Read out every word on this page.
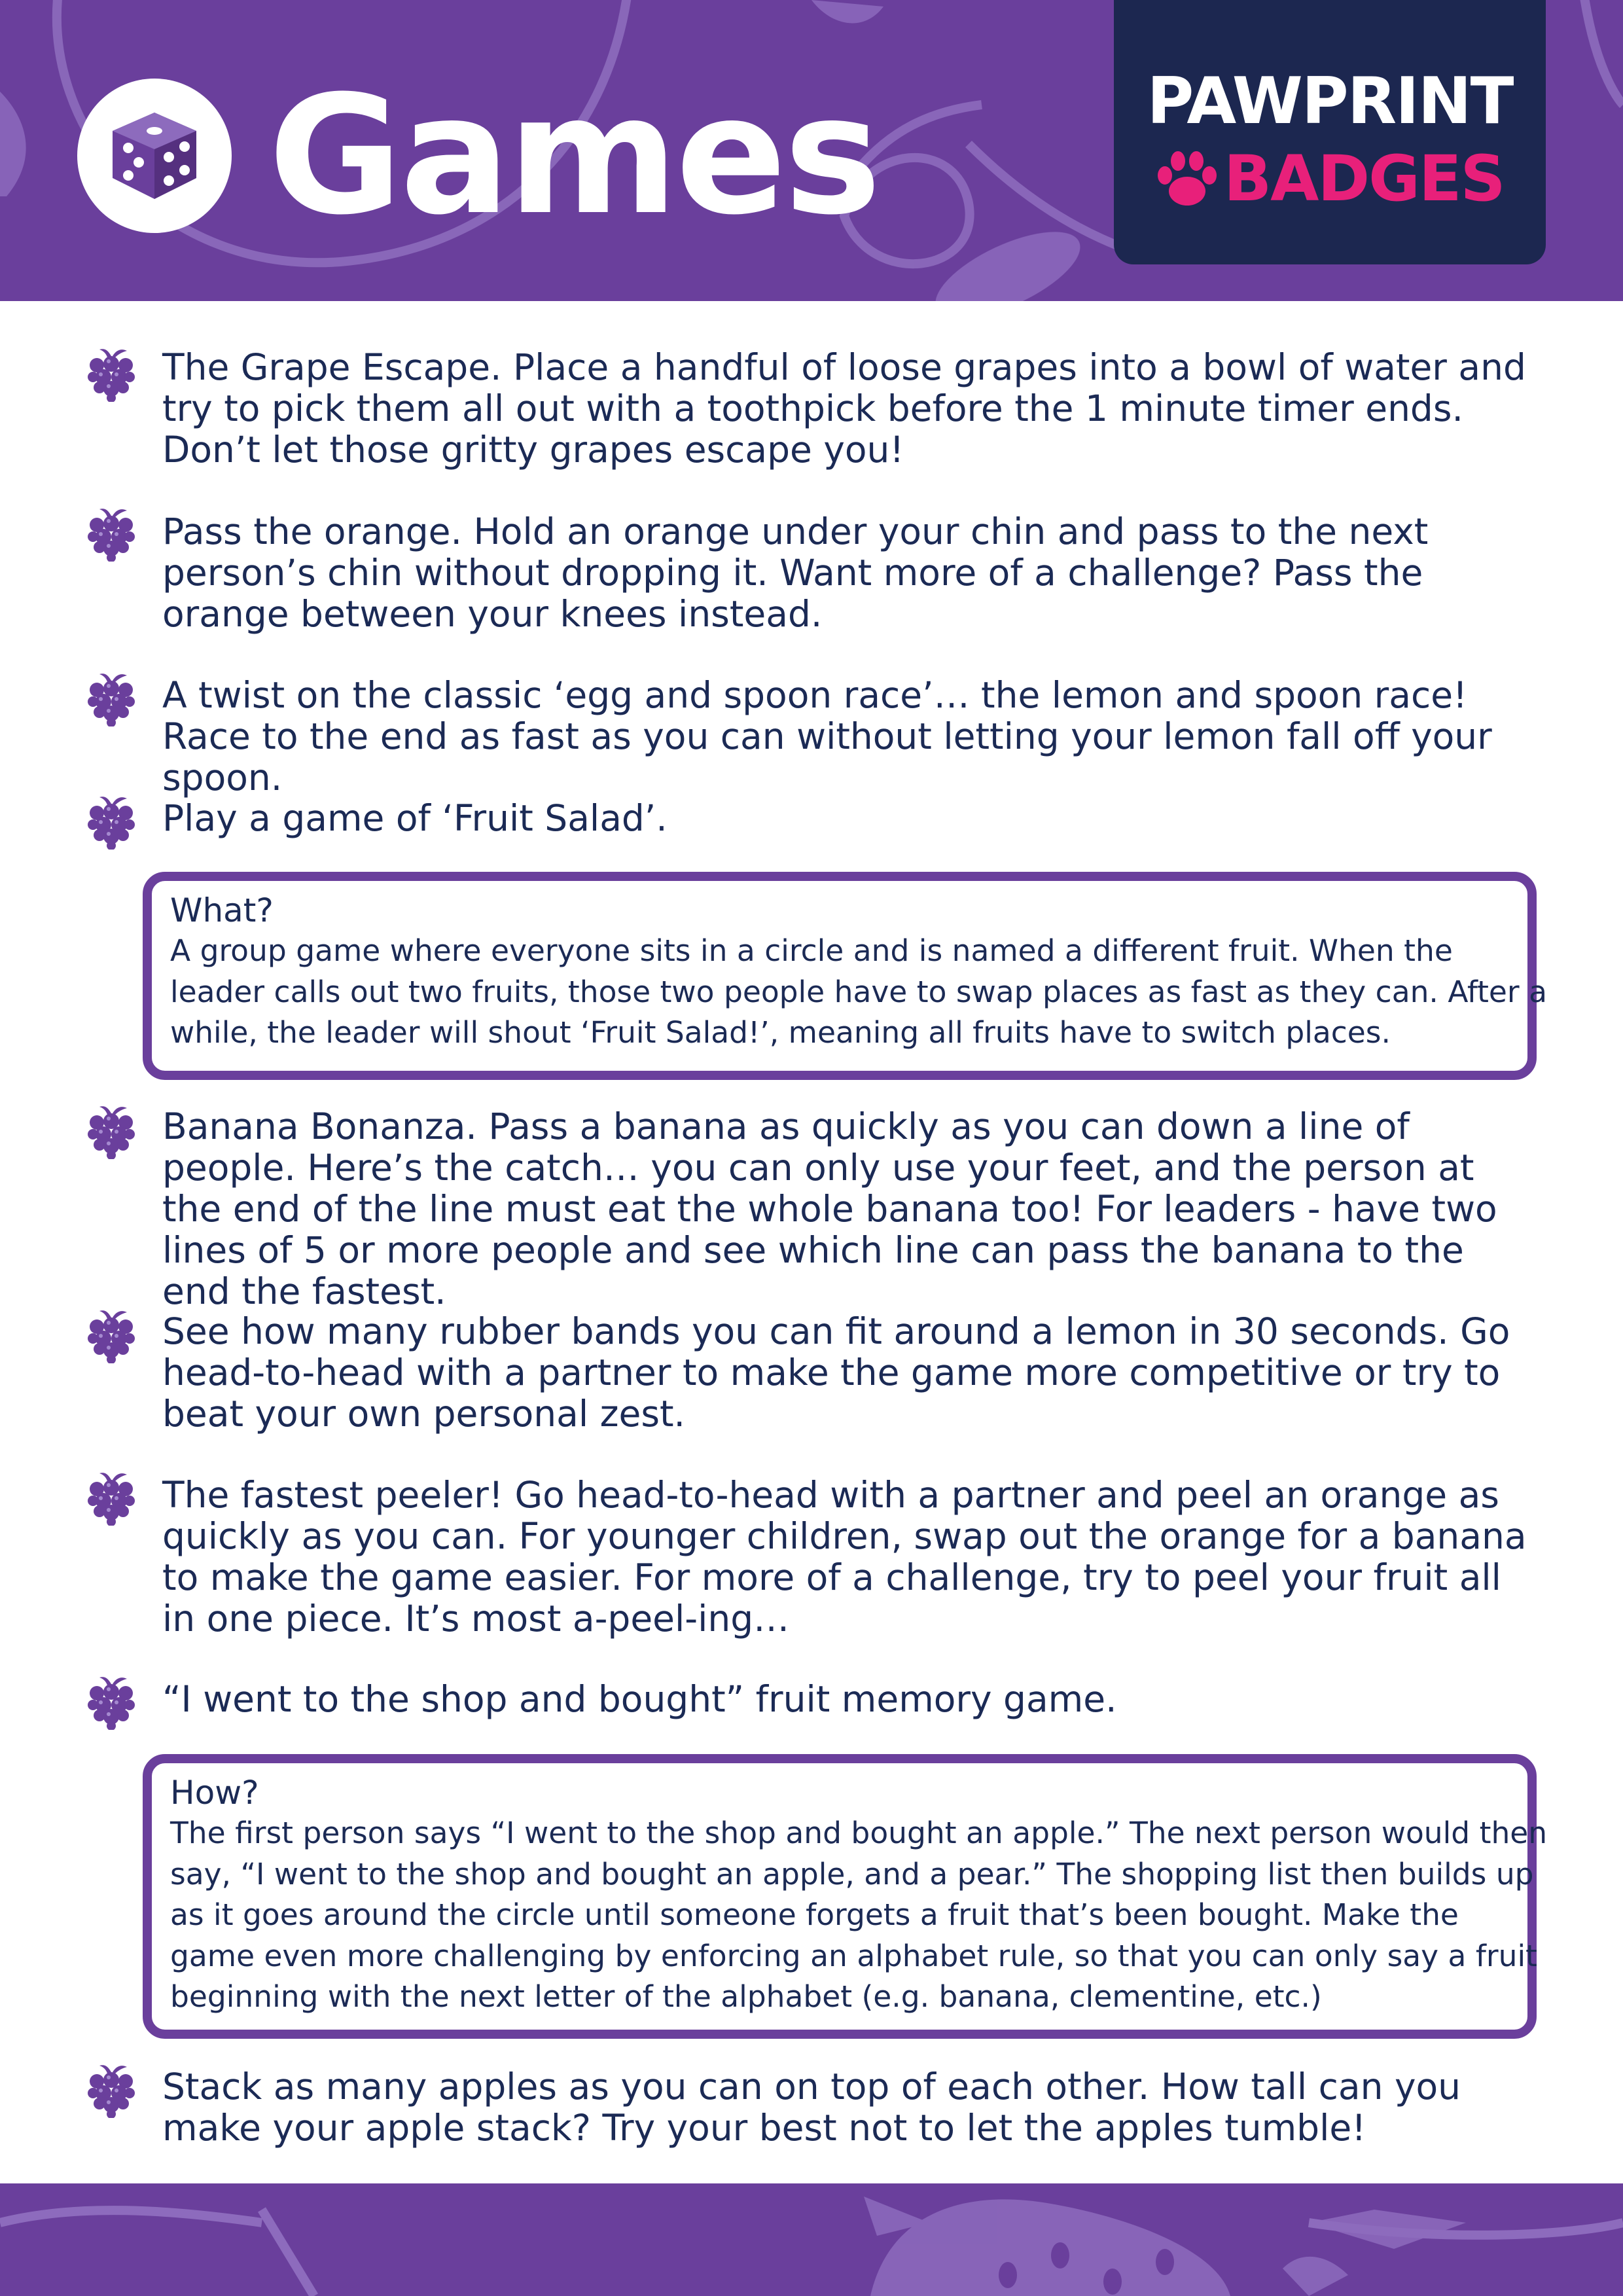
Games	PAWPRINT
BADGES
The Grape Escape. Place a handful of loose grapes into a bowl of water and try to pick them all out with a toothpick before the 1 minute timer ends. Don’t let those gritty grapes escape you!
Pass the orange. Hold an orange under your chin and pass to the next person’s chin without dropping it. Want more of a challenge? Pass the orange between your knees instead.
A twist on the classic ‘egg and spoon race’… the lemon and spoon race! Race to the end as fast as you can without letting your lemon fall off your spoon.
Play a game of ‘Fruit Salad’.
What?
A group game where everyone sits in a circle and is named a different fruit. When the leader calls out two fruits, those two people have to swap places as fast as they can. After a while, the leader will shout ‘Fruit Salad!’, meaning all fruits have to switch places.
Banana Bonanza. Pass a banana as quickly as you can down a line of people. Here’s the catch… you can only use your feet, and the person at the end of the line must eat the whole banana too! For leaders - have two lines of 5 or more people and see which line can pass the banana to the end the fastest.
See how many rubber bands you can fit around a lemon in 30 seconds. Go head-to-head with a partner to make the game more competitive or try to beat your own personal zest.
The fastest peeler! Go head-to-head with a partner and peel an orange as quickly as you can. For younger children, swap out the orange for a banana to make the game easier. For more of a challenge, try to peel your fruit all in one piece. It’s most a-peel-ing…
“I went to the shop and bought” fruit memory game.
How?
The first person says “I went to the shop and bought an apple.” The next person would then say, “I went to the shop and bought an apple, and a pear.” The shopping list then builds up as it goes around the circle until someone forgets a fruit that’s been bought. Make the game even more challenging by enforcing an alphabet rule, so that you can only say a fruit beginning with the next letter of the alphabet (e.g. banana, clementine, etc.)
Stack as many apples as you can on top of each other. How tall can you make your apple stack? Try your best not to let the apples tumble!
